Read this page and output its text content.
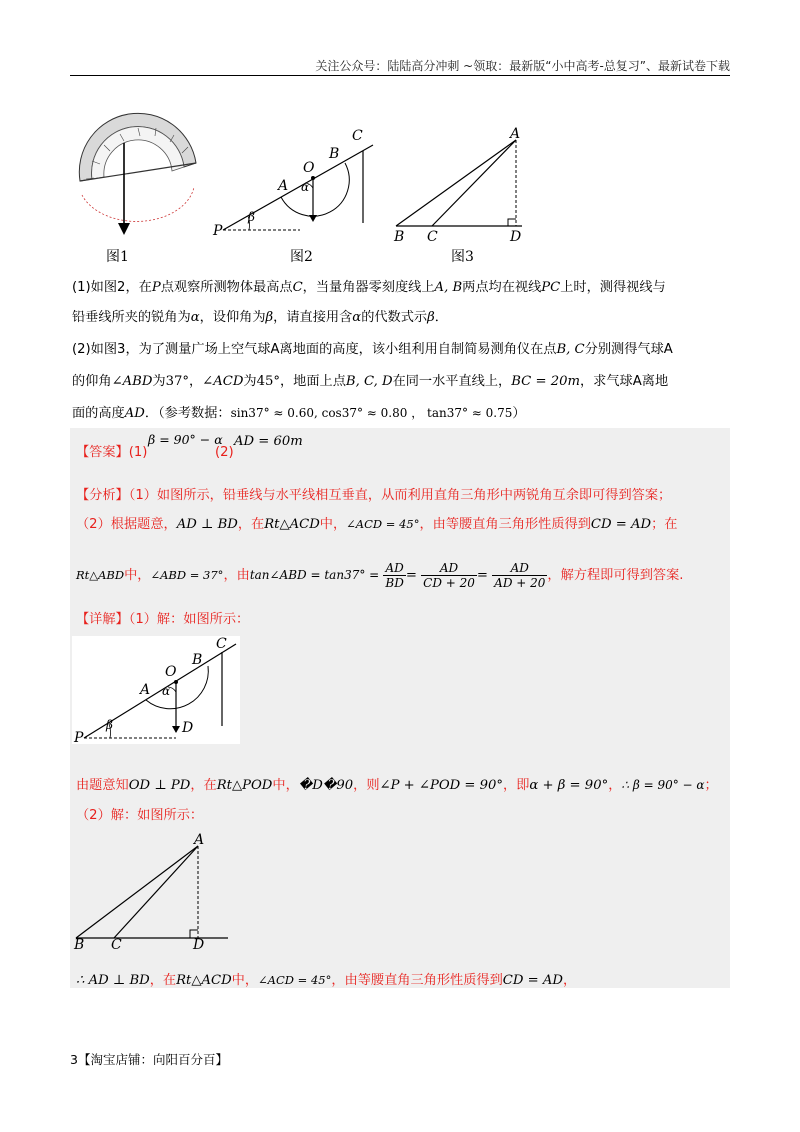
关注公众号：陆陆高分冲刺 ~领取：最新版“小中高考-总复习”、最新试卷下载
图1
P
A
O
B
C
α
β
图2
A
B C	D
图3
(1)如图2，在P点观察所测物体最高点C，当量角器零刻度线上A, B两点均在视线PC上时，测得视线与
铅垂线所夹的锐角为α，设仰角为β，请直接用含α的代数式示β．
(2)如图3，为了测量广场上空气球A离地面的高度，该小组利用自制简易测角仪在点B, C分别测得气球A
的仰角∠ABD为37°，∠ACD为45°，地面上点B, C, D在同一水平直线上，BC = 20m，求气球A离地
面的高度AD．（参考数据：sin37° ≈ 0.60, cos37° ≈ 0.80 ， tan37° ≈ 0.75）
【答案】(1)
β = 90° − α
(2)
AD = 60m
【分析】（1）如图所示，铅垂线与水平线相互垂直，从而利用直角三角形中两锐角互余即可得到答案；
（2）根据题意，AD ⊥ BD，在Rt△ACD中，∠ACD = 45°，由等腰直角三角形性质得到CD = AD；在
Rt△ABD中，∠ABD = 37°，由tan∠ABD = $\tan 37^\circ = \frac{AD}{BD} = \frac{AD}{CD + 20} = \frac{AD}{AD + 20}$ ，解方程即可得到答案.
【详解】（1）解：如图所示：
P
A
O
B
C
D
α
β
由题意知OD ⊥ PD，在Rt△POD中，�D�90，则∠P + ∠POD = 90°，即α + β = 90°，∴ β = 90° − α；
（2）解：如图所示：
A
B C	D
∴ AD ⊥ BD，在Rt△ACD中，∠ACD = 45°，由等腰直角三角形性质得到CD = AD，
3【淘宝店铺：向阳百分百】
